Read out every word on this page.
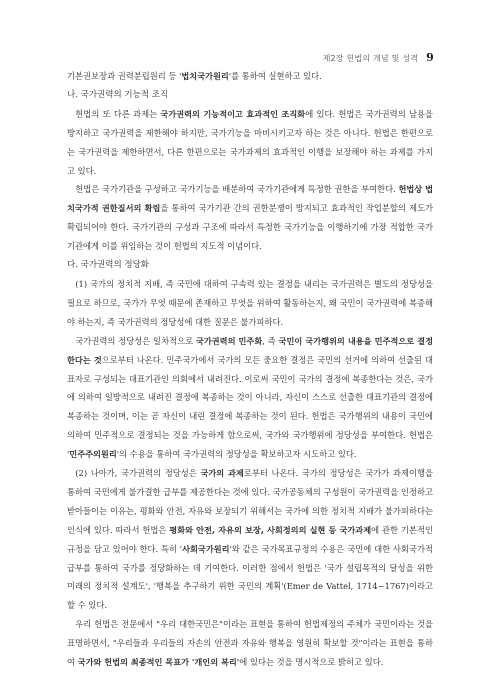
제2장 헌법의 개념 및 성격 9

기본권보장과 권력분립원리 등 '법치국가원리'를 통하여 실현하고 있다.

나. 국가권력의 기능적 조직

헌법의 또 다른 과제는 국가권력의 기능적이고 효과적인 조직화에 있다. 헌법은 국가권력의 남용을 방지하고 국가권력을 제한해야 하지만, 국가기능을 마비시키고자 하는 것은 아니다. 헌법은 한편으로는 국가권력을 제한하면서, 다른 한편으로는 국가과제의 효과적인 이행을 보장해야 하는 과제를 가지고 있다.

헌법은 국가기관을 구성하고 국가기능을 배분하여 국가기관에게 특정한 권한을 부여한다. 헌법상 법치국가적 권한질서의 확립을 통하여 국가기관 간의 권한분쟁이 방지되고 효과적인 작업분할의 제도가 확립되어야 한다. 국가기관의 구성과 구조에 따라서 특정한 국가기능을 이행하기에 가장 적합한 국가기관에게 이를 위임하는 것이 헌법의 지도적 이념이다.

다. 국가권력의 정당화

(1) 국가의 정치적 지배, 즉 국민에 대하여 구속력 있는 결정을 내리는 국가권력은 별도의 정당성을 필요로 하므로, 국가가 무엇 때문에 존재하고 무엇을 위하여 활동하는지, 왜 국민이 국가권력에 복종해야 하는지, 즉 국가권력의 정당성에 대한 질문은 불가피하다.

국가권력의 정당성은 일차적으로 국가권력의 민주화, 즉 국민이 국가행위의 내용을 민주적으로 결정한다는 것으로부터 나온다. 민주국가에서 국가의 모든 중요한 결정은 국민의 선거에 의하여 선출된 대표자로 구성되는 대표기관인 의회에서 내려진다. 이로써 국민이 국가의 결정에 복종한다는 것은, 국가에 의하여 일방적으로 내려진 결정에 복종하는 것이 아니라, 자신이 스스로 선출한 대표기관의 결정에 복종하는 것이며, 이는 곧 자신이 내린 결정에 복종하는 것이 된다. 헌법은 국가행위의 내용이 국민에 의하여 민주적으로 결정되는 것을 가능하게 함으로써, 국가와 국가행위에 정당성을 부여한다. 헌법은 '민주주의원리'의 수용을 통하여 국가권력의 정당성을 확보하고자 시도하고 있다.

(2) 나아가, 국가권력의 정당성은 국가의 과제로부터 나온다. 국가의 정당성은 국가가 과제이행을 통하여 국민에게 불가결한 급부를 제공한다는 것에 있다. 국가공동체의 구성원이 국가권력을 인정하고 받아들이는 이유는, 평화와 안전, 자유와 보장되기 위해서는 국가에 의한 정치적 지배가 불가피하다는 인식에 있다. 따라서 헌법은 평화와 안전, 자유의 보장, 사회정의의 실현 등 국가과제에 관한 기본적인 규정을 담고 있어야 한다. 특히 '사회국가원리'와 같은 국가목표규정의 수용은 국민에 대한 사회국가적 급부를 통하여 국가를 정당화하는 데 기여한다. 이러한 점에서 헌법은 '국가 설립목적의 달성을 위한 미래의 정치적 설계도', '행복을 추구하기 위한 국민의 계획'(Emer de Vattel, 1714~1767)이라고 할 수 있다.

우리 헌법은 전문에서 "우리 대한국민은"이라는 표현을 통하여 헌법제정의 주체가 국민이라는 것을 표명하면서, "우리들과 우리들의 자손의 안전과 자유와 행복을 영원히 확보할 것"이라는 표현을 통하여 국가와 헌법의 최종적인 목표가 '개인의 복리'에 있다는 것을 명시적으로 밝히고 있다.
